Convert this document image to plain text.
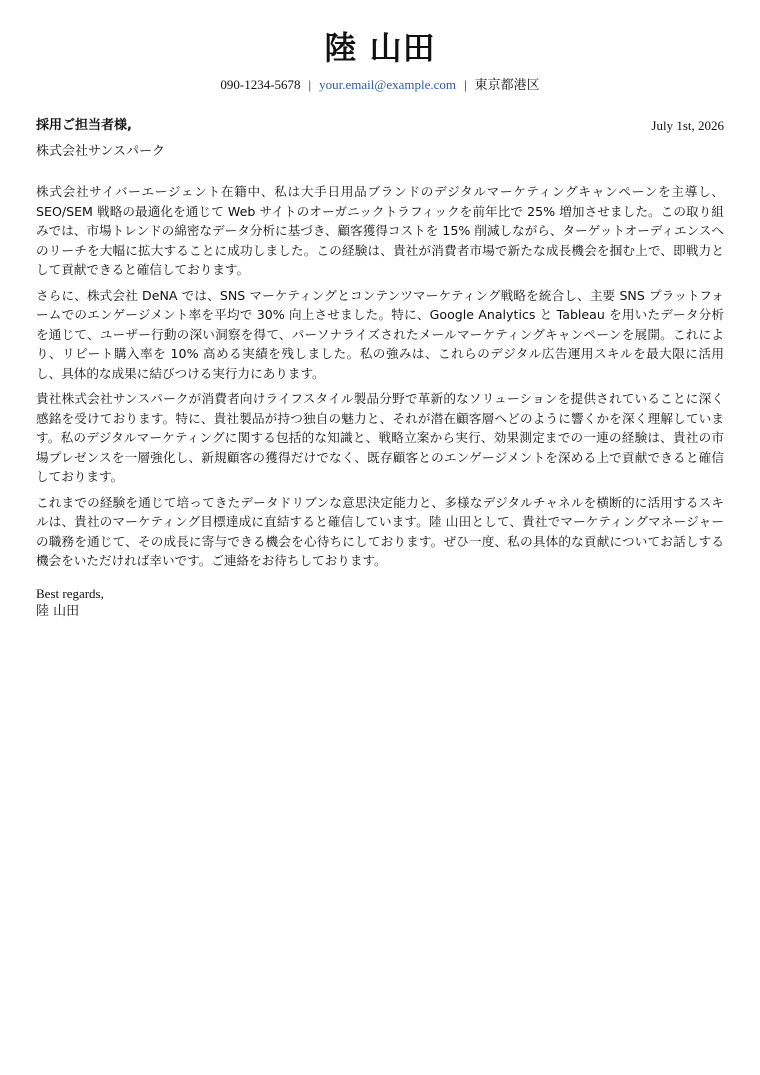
陸 山田
090-1234-5678 | your.email@example.com | 東京都港区
採用ご担当者様,	July 1st, 2026
株式会社サンスパーク

株式会社サイバーエージェント在籍中、私は大手日用品ブランドのデジタルマーケティングキャンペーンを主導し、SEO/SEM 戦略の最適化を通じて Web サイトのオーガニックトラフィックを前年比で 25% 増加させました。この取り組みでは、市場トレンドの綿密なデータ分析に基づき、顧客獲得コストを 15% 削減しながら、ターゲットオーディエンスへのリーチを大幅に拡大することに成功しました。この経験は、貴社が消費者市場で新たな成長機会を掴む上で、即戦力として貢献できると確信しております。

さらに、株式会社 DeNA では、SNS マーケティングとコンテンツマーケティング戦略を統合し、主要 SNS プラットフォームでのエンゲージメント率を平均で 30% 向上させました。特に、Google Analytics と Tableau を用いたデータ分析を通じて、ユーザー行動の深い洞察を得て、パーソナライズされたメールマーケティングキャンペーンを展開。これにより、リピート購入率を 10% 高める実績を残しました。私の強みは、これらのデジタル広告運用スキルを最大限に活用し、具体的な成果に結びつける実行力にあります。

貴社株式会社サンスパークが消費者向けライフスタイル製品分野で革新的なソリューションを提供されていることに深く感銘を受けております。特に、貴社製品が持つ独自の魅力と、それが潜在顧客層へどのように響くかを深く理解しています。私のデジタルマーケティングに関する包括的な知識と、戦略立案から実行、効果測定までの一連の経験は、貴社の市場プレゼンスを一層強化し、新規顧客の獲得だけでなく、既存顧客とのエンゲージメントを深める上で貢献できると確信しております。

これまでの経験を通じて培ってきたデータドリブンな意思決定能力と、多様なデジタルチャネルを横断的に活用するスキルは、貴社のマーケティング目標達成に直結すると確信しています。陸 山田として、貴社でマーケティングマネージャーの職務を通じて、その成長に寄与できる機会を心待ちにしております。ぜひ一度、私の具体的な貢献についてお話しする機会をいただければ幸いです。ご連絡をお待ちしております。

Best regards,
陸 山田
